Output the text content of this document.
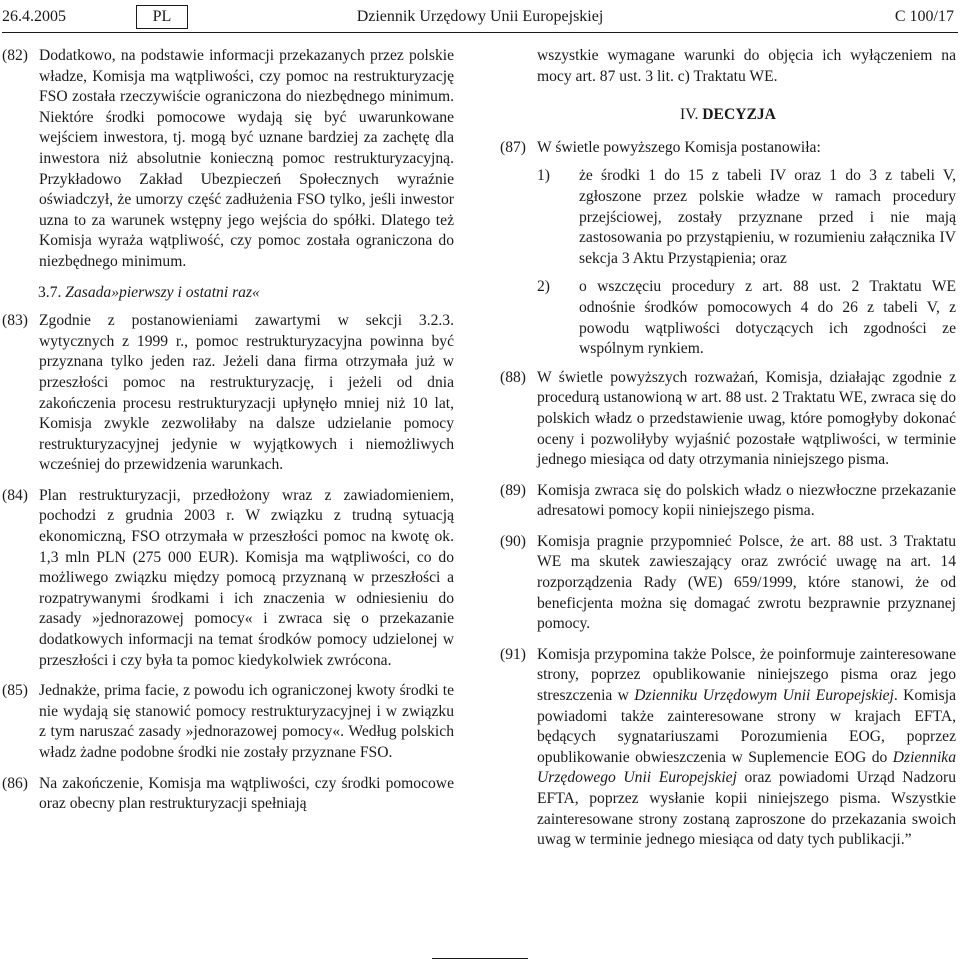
26.4.2005	PL	Dziennik Urzędowy Unii Europejskiej	C 100/17
(82) Dodatkowo, na podstawie informacji przekazanych przez polskie władze, Komisja ma wątpliwości, czy pomoc na restrukturyzację FSO została rzeczywiście ograniczona do niezbędnego minimum. Niektóre środki pomocowe wydają się być uwarunkowane wejściem inwestora, tj. mogą być uznane bardziej za zachętę dla inwestora niż absolutnie konieczną pomoc restrukturyzacyjną. Przykładowo Zakład Ubezpieczeń Społecznych wyraźnie oświadczył, że umorzy część zadłużenia FSO tylko, jeśli inwestor uzna to za warunek wstępny jego wejścia do spółki. Dlatego też Komisja wyraża wątpliwość, czy pomoc została ograniczona do niezbędnego minimum.

3.7. Zasada»pierwszy i ostatni raz«
(83) Zgodnie z postanowieniami zawartymi w sekcji 3.2.3. wytycznych z 1999 r., pomoc restrukturyzacyjna powinna być przyznana tylko jeden raz. Jeżeli dana firma otrzymała już w przeszłości pomoc na restrukturyzację, i jeżeli od dnia zakończenia procesu restrukturyzacji upłynęło mniej niż 10 lat, Komisja zwykle zezwoliłaby na dalsze udzielanie pomocy restrukturyzacyjnej jedynie w wyjątkowych i niemożliwych wcześniej do przewidzenia warunkach.

(84) Plan restrukturyzacji, przedłożony wraz z zawiadomieniem, pochodzi z grudnia 2003 r. W związku z trudną sytuacją ekonomiczną, FSO otrzymała w przeszłości pomoc na kwotę ok. 1,3 mln PLN (275 000 EUR). Komisja ma wątpliwości, co do możliwego związku między pomocą przyznaną w przeszłości a rozpatrywanymi środkami i ich znaczenia w odniesieniu do zasady »jednorazowej pomocy« i zwraca się o przekazanie dodatkowych informacji na temat środków pomocy udzielonej w przeszłości i czy była ta pomoc kiedykolwiek zwrócona.

(85) Jednakże, prima facie, z powodu ich ograniczonej kwoty środki te nie wydają się stanowić pomocy restrukturyzacyjnej i w związku z tym naruszać zasady »jednorazowej pomocy«. Według polskich władz żadne podobne środki nie zostały przyznane FSO.

(86) Na zakończenie, Komisja ma wątpliwości, czy środki pomocowe oraz obecny plan restrukturyzacji spełniają

wszystkie wymagane warunki do objęcia ich wyłączeniem na mocy art. 87 ust. 3 lit. c) Traktatu WE.

IV. DECYZJA
(87) W świetle powyższego Komisja postanowiła:

1) że środki 1 do 15 z tabeli IV oraz 1 do 3 z tabeli V, zgłoszone przez polskie władze w ramach procedury przejściowej, zostały przyznane przed i nie mają zastosowania po przystąpieniu, w rozumieniu załącznika IV sekcja 3 Aktu Przystąpienia; oraz
2) o wszczęciu procedury z art. 88 ust. 2 Traktatu WE odnośnie środków pomocowych 4 do 26 z tabeli V, z powodu wątpliwości dotyczących ich zgodności ze wspólnym rynkiem.
(88) W świetle powyższych rozważań, Komisja, działając zgodnie z procedurą ustanowioną w art. 88 ust. 2 Traktatu WE, zwraca się do polskich władz o przedstawienie uwag, które pomogłyby dokonać oceny i pozwoliłyby wyjaśnić pozostałe wątpliwości, w terminie jednego miesiąca od daty otrzymania niniejszego pisma.

(89) Komisja zwraca się do polskich władz o niezwłoczne przekazanie adresatowi pomocy kopii niniejszego pisma.

(90) Komisja pragnie przypomnieć Polsce, że art. 88 ust. 3 Traktatu WE ma skutek zawieszający oraz zwrócić uwagę na art. 14 rozporządzenia Rady (WE) 659/1999, które stanowi, że od beneficjenta można się domagać zwrotu bezprawnie przyznanej pomocy.

(91) Komisja przypomina także Polsce, że poinformuje zainteresowane strony, poprzez opublikowanie niniejszego pisma oraz jego streszczenia w Dzienniku Urzędowym Unii Europejskiej. Komisja powiadomi także zainteresowane strony w krajach EFTA, będących sygnatariuszami Porozumienia EOG, poprzez opublikowanie obwieszczenia w Suplemencie EOG do Dziennika Urzędowego Unii Europejskiej oraz powiadomi Urząd Nadzoru EFTA, poprzez wysłanie kopii niniejszego pisma. Wszystkie zainteresowane strony zostaną zaproszone do przekazania swoich uwag w terminie jednego miesiąca od daty tych publikacji.”
